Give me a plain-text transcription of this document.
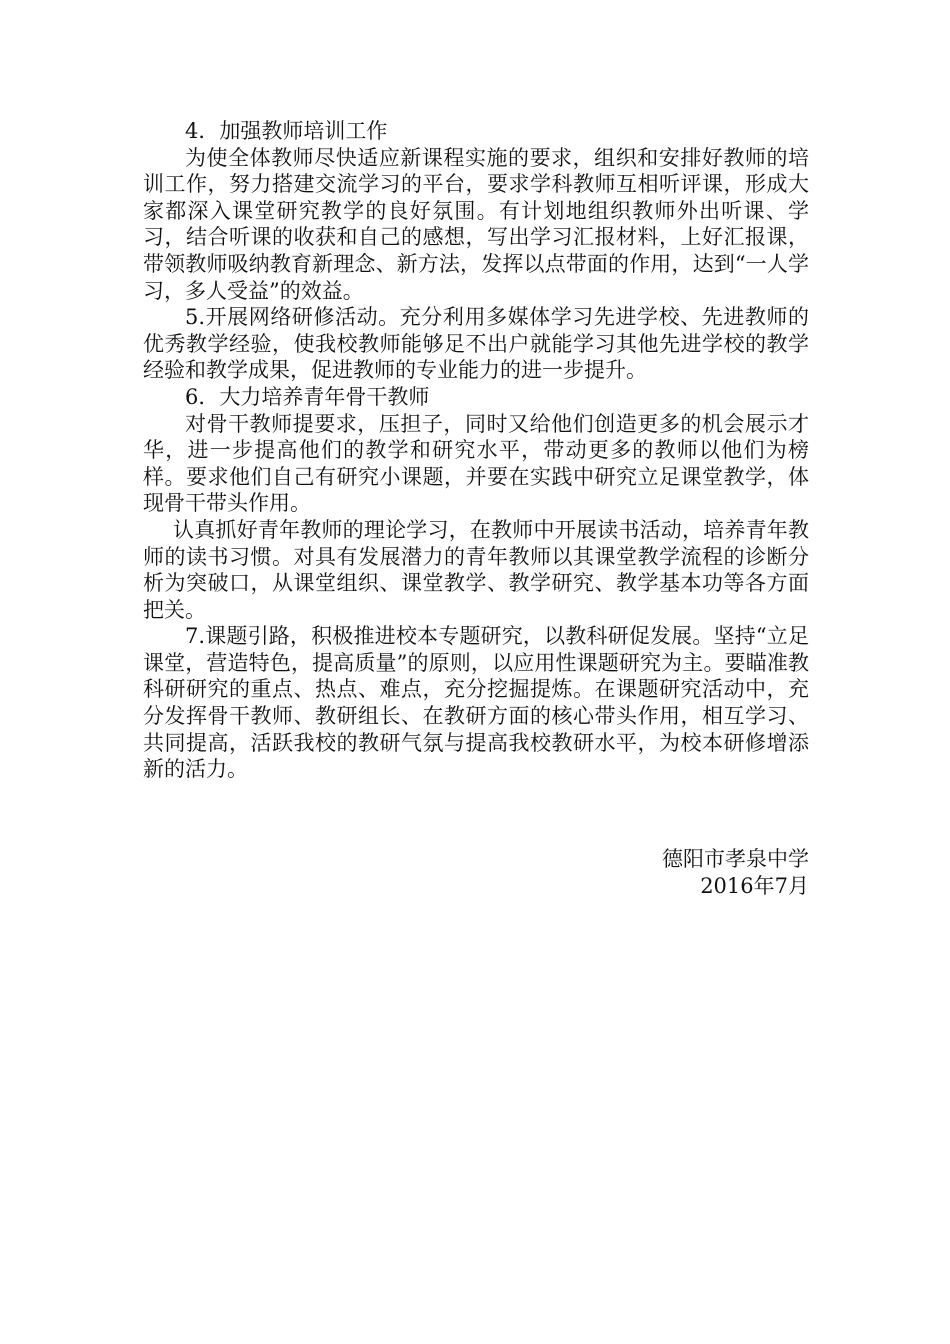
4．加强教师培训工作

为使全体教师尽快适应新课程实施的要求，组织和安排好教师的培训工作，努力搭建交流学习的平台，要求学科教师互相听评课，形成大家都深入课堂研究教学的良好氛围。有计划地组织教师外出听课、学习，结合听课的收获和自己的感想，写出学习汇报材料，上好汇报课，带领教师吸纳教育新理念、新方法，发挥以点带面的作用，达到“一人学习，多人受益”的效益。

5.开展网络研修活动。充分利用多媒体学习先进学校、先进教师的优秀教学经验，使我校教师能够足不出户就能学习其他先进学校的教学经验和教学成果，促进教师的专业能力的进一步提升。

6．大力培养青年骨干教师

对骨干教师提要求，压担子，同时又给他们创造更多的机会展示才华，进一步提高他们的教学和研究水平，带动更多的教师以他们为榜样。要求他们自己有研究小课题，并要在实践中研究立足课堂教学，体现骨干带头作用。

认真抓好青年教师的理论学习，在教师中开展读书活动，培养青年教师的读书习惯。对具有发展潜力的青年教师以其课堂教学流程的诊断分析为突破口，从课堂组织、课堂教学、教学研究、教学基本功等各方面把关。

7.课题引路，积极推进校本专题研究，以教科研促发展。坚持“立足课堂，营造特色，提高质量”的原则，以应用性课题研究为主。要瞄准教科研研究的重点、热点、难点，充分挖掘提炼。在课题研究活动中，充分发挥骨干教师、教研组长、在教研方面的核心带头作用，相互学习、共同提高，活跃我校的教研气氛与提高我校教研水平，为校本研修增添新的活力。

德阳市孝泉中学
2016年7月
